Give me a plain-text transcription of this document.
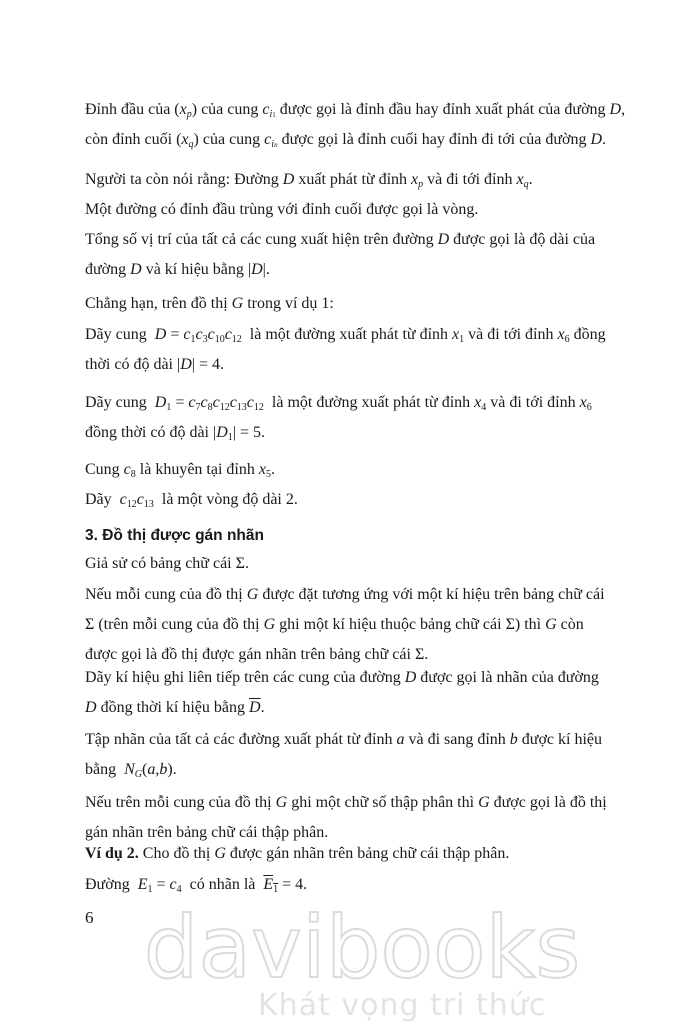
Đỉnh đầu của $(x_p)$ của cung $c_{i1}$ được gọi là đỉnh đầu hay đỉnh xuất phát của đường D,
còn đỉnh cuối $(x_q)$ của cung $c_{in}$ được gọi là đỉnh cuối hay đỉnh đi tới của đường D.

Người ta còn nói rằng: Đường D xuất phát từ đỉnh $x_p$ và đi tới đỉnh $x_q$.

Một đường có đỉnh đầu trùng với đỉnh cuối được gọi là vòng.

Tổng số vị trí của tất cả các cung xuất hiện trên đường D được gọi là độ dài của
đường D và kí hiệu bằng |D|.

Chẳng hạn, trên đồ thị G trong ví dụ 1:

Dãy cung  $D = c_1c_3c_{10}c_{12}$  là một đường xuất phát từ đỉnh $x_1$ và đi tới đỉnh $x_6$ đồng
thời có độ dài |D| = 4.

Dãy cung  $D_1 = c_7c_8c_{12}c_{13}c_{12}$  là một đường xuất phát từ đỉnh $x_4$ và đi tới đỉnh $x_6$
đồng thời có độ dài $|D_1| = 5$.

Cung $c_8$ là khuyên tại đỉnh $x_5$.

Dãy  $c_{12}c_{13}$  là một vòng độ dài 2.

3. Đồ thị được gán nhãn

Giả sử có bảng chữ cái Σ.

Nếu mỗi cung của đồ thị G được đặt tương ứng với một kí hiệu trên bảng chữ cái
Σ (trên mỗi cung của đồ thị G ghi một kí hiệu thuộc bảng chữ cái Σ) thì G còn
được gọi là đồ thị được gán nhãn trên bảng chữ cái Σ.

Dãy kí hiệu ghi liên tiếp trên các cung của đường D được gọi là nhãn của đường
D đồng thời kí hiệu bằng $\overline{D}$.

Tập nhãn của tất cả các đường xuất phát từ đỉnh a và đi sang đỉnh b được kí hiệu
bằng  $N_G(a,b)$.

Nếu trên mỗi cung của đồ thị G ghi một chữ số thập phân thì G được gọi là đồ thị
gán nhãn trên bảng chữ cái thập phân.

Ví dụ 2. Cho đồ thị G được gán nhãn trên bảng chữ cái thập phân.

Đường  $E_1 = c_4$  có nhãn là  $E_1 = 4$.

6 davibooks
Khát vọng tri thức
